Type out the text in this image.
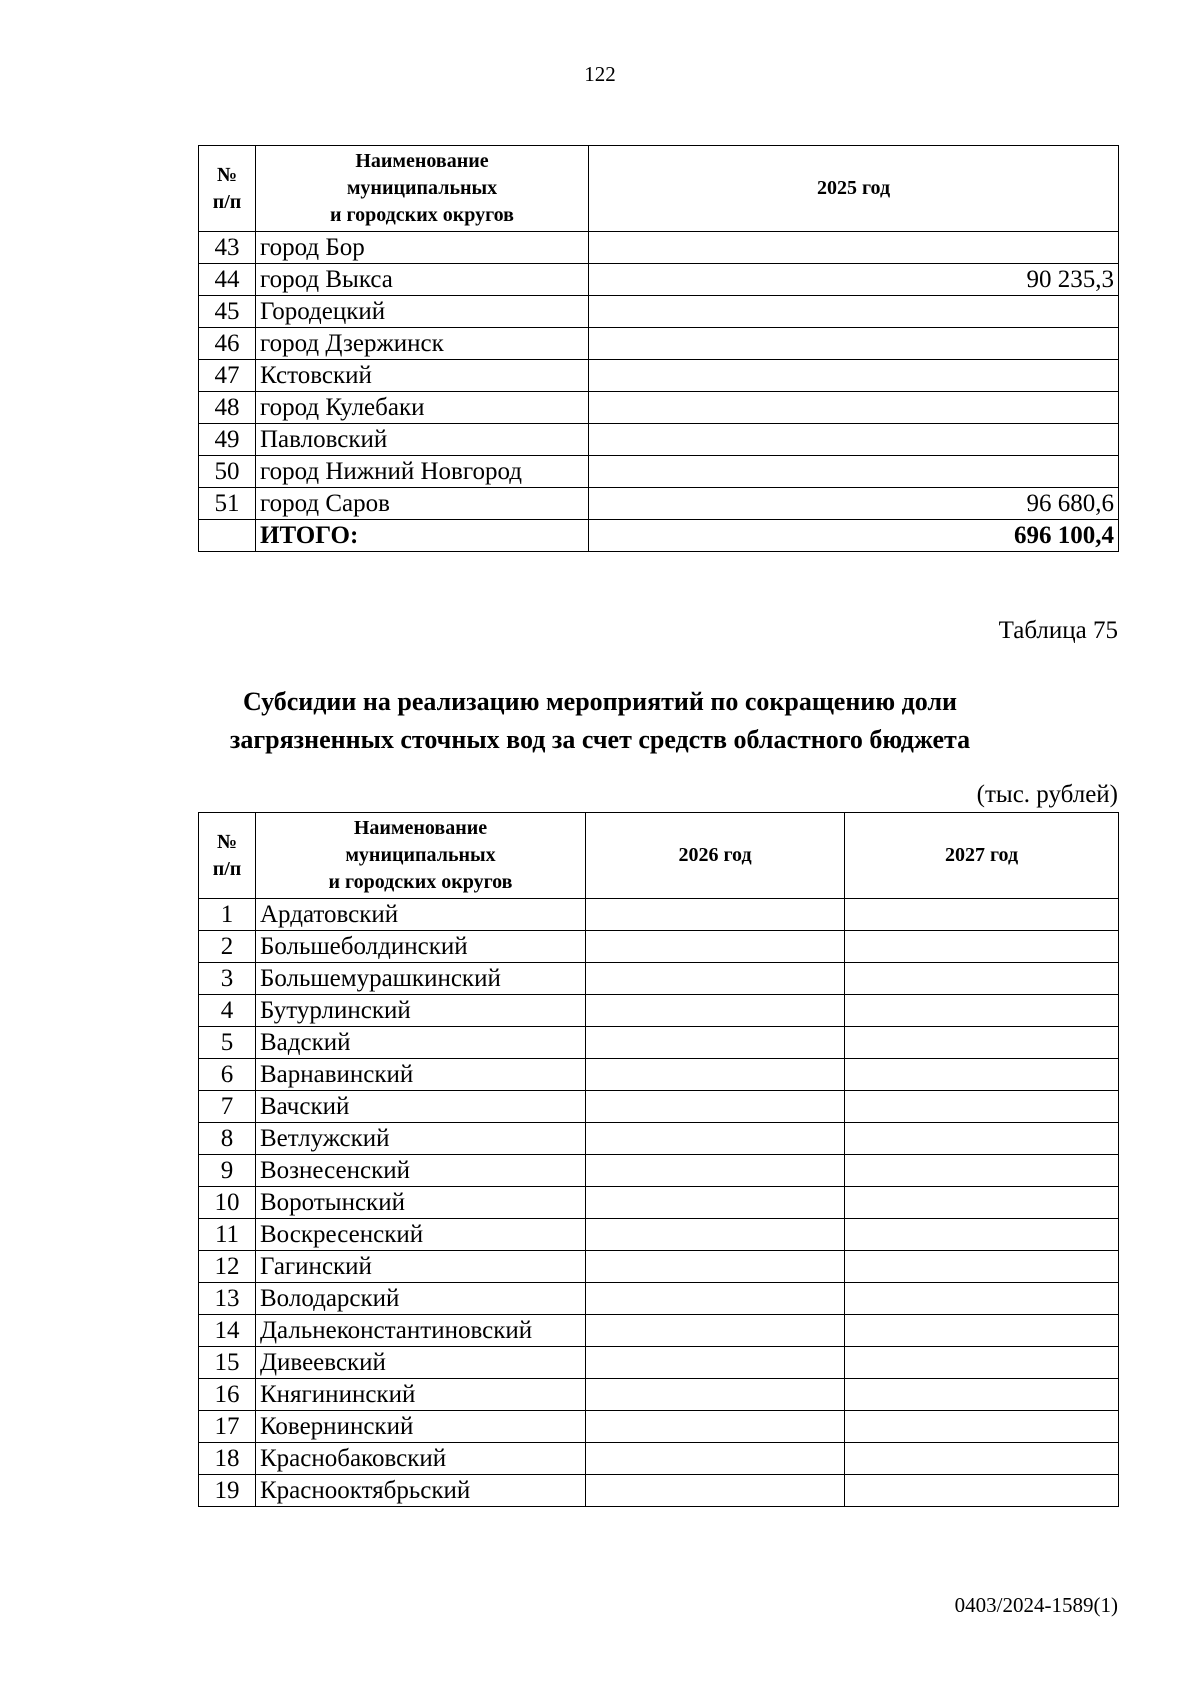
122
№
п/п	Наименование
муниципальных
и городских округов	2025 год
43	город Бор	
44	город Выкса	90 235,3
45	Городецкий	
46	город Дзержинск	
47	Кстовский	
48	город Кулебаки	
49	Павловский	
50	город Нижний Новгород	
51	город Саров	96 680,6
	ИТОГО:	696 100,4
Таблица 75
Субсидии на реализацию мероприятий по сокращению доли
загрязненных сточных вод за счет средств областного бюджета
(тыс. рублей)
№
п/п	Наименование
муниципальных
и городских округов	2026 год	2027 год
1	Ардатовский		
2	Большеболдинский		
3	Большемурашкинский		
4	Бутурлинский		
5	Вадский		
6	Варнавинский		
7	Вачский		
8	Ветлужский		
9	Вознесенский		
10	Воротынский		
11	Воскресенский		
12	Гагинский		
13	Володарский		
14	Дальнеконстантиновский		
15	Дивеевский		
16	Княгининский		
17	Ковернинский		
18	Краснобаковский		
19	Краснооктябрьский		
0403/2024-1589(1)
